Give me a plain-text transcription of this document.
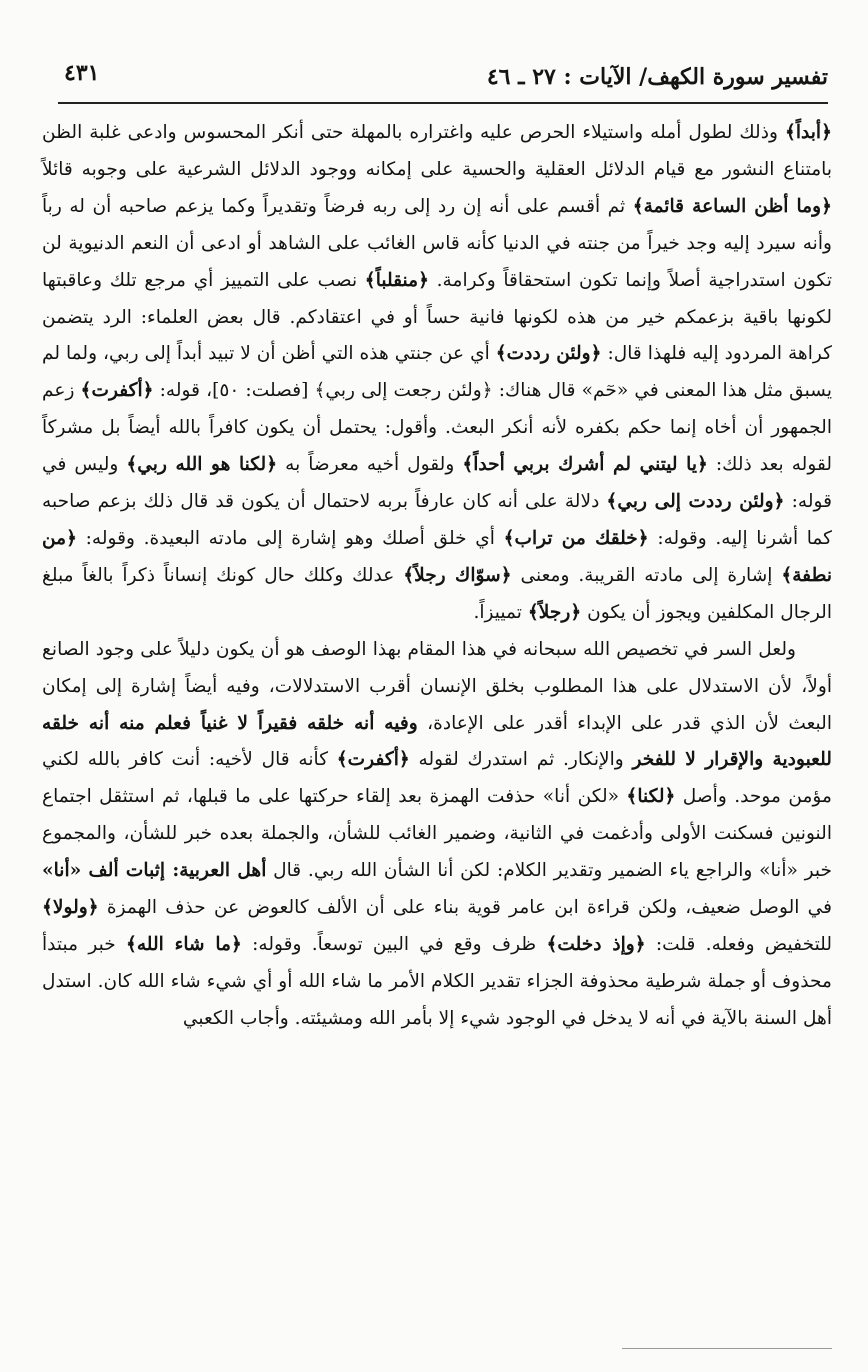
تفسير سورة الكهف/ الآيات : ٢٧ ـ ٤٦
٤٣١

﴿أبداً﴾ وذلك لطول أمله واستيلاء الحرص عليه واغتراره بالمهلة حتى أنكر المحسوس وادعى غلبة الظن بامتناع النشور مع قيام الدلائل العقلية والحسية على إمكانه ووجود الدلائل الشرعية على وجوبه قائلاً ﴿وما أظن الساعة قائمة﴾ ثم أقسم على أنه إن رد إلى ربه فرضاً وتقديراً وكما يزعم صاحبه أن له رباً وأنه سيرد إليه وجد خيراً من جنته في الدنيا كأنه قاس الغائب على الشاهد أو ادعى أن النعم الدنيوية لن تكون استدراجية أصلاً وإنما تكون استحقاقاً وكرامة. ﴿منقلباً﴾ نصب على التمييز أي مرجع تلك وعاقبتها لكونها باقية بزعمكم خير من هذه لكونها فانية حساً أو في اعتقادكم. قال بعض العلماء: الرد يتضمن كراهة المردود إليه فلهذا قال: ﴿ولئن رددت﴾ أي عن جنتي هذه التي أظن أن لا تبيد أبداً إلى ربي، ولما لم يسبق مثل هذا المعنى في «حٓم» قال هناك: ﴿ولئن رجعت إلى ربي﴾ [فصلت: ٥٠]، قوله: ﴿أكفرت﴾ زعم الجمهور أن أخاه إنما حكم بكفره لأنه أنكر البعث. وأقول: يحتمل أن يكون كافراً بالله أيضاً بل مشركاً لقوله بعد ذلك: ﴿يا ليتني لم أشرك بربي أحداً﴾ ولقول أخيه معرضاً به ﴿لكنا هو الله ربي﴾ وليس في قوله: ﴿ولئن رددت إلى ربي﴾ دلالة على أنه كان عارفاً بربه لاحتمال أن يكون قد قال ذلك بزعم صاحبه كما أشرنا إليه. وقوله: ﴿خلقك من تراب﴾ أي خلق أصلك وهو إشارة إلى مادته البعيدة. وقوله: ﴿من نطفة﴾ إشارة إلى مادته القريبة. ومعنى ﴿سوّاك رجلاً﴾ عدلك وكلك حال كونك إنساناً ذكراً بالغاً مبلغ الرجال المكلفين ويجوز أن يكون ﴿رجلاً﴾ تمييزاً.

ولعل السر في تخصيص الله سبحانه في هذا المقام بهذا الوصف هو أن يكون دليلاً على وجود الصانع أولاً، لأن الاستدلال على هذا المطلوب بخلق الإنسان أقرب الاستدلالات، وفيه أيضاً إشارة إلى إمكان البعث لأن الذي قدر على الإبداء أقدر على الإعادة، وفيه أنه خلقه فقيراً لا غنياً فعلم منه أنه خلقه للعبودية والإقرار لا للفخر والإنكار. ثم استدرك لقوله ﴿أكفرت﴾ كأنه قال لأخيه: أنت كافر بالله لكني مؤمن موحد. وأصل ﴿لكنا﴾ «لكن أنا» حذفت الهمزة بعد إلقاء حركتها على ما قبلها، ثم استثقل اجتماع النونين فسكنت الأولى وأدغمت في الثانية، وضمير الغائب للشأن، والجملة بعده خبر للشأن، والمجموع خبر «أنا» والراجع ياء الضمير وتقدير الكلام: لكن أنا الشأن الله ربي. قال أهل العربية: إثبات ألف «أنا» في الوصل ضعيف، ولكن قراءة ابن عامر قوية بناء على أن الألف كالعوض عن حذف الهمزة ﴿ولولا﴾ للتخفيض وفعله. قلت: ﴿وإذ دخلت﴾ ظرف وقع في البين توسعاً. وقوله: ﴿ما شاء الله﴾ خبر مبتدأ محذوف أو جملة شرطية محذوفة الجزاء تقدير الكلام الأمر ما شاء الله أو أي شيء شاء الله كان. استدل أهل السنة بالآية في أنه لا يدخل في الوجود شيء إلا بأمر الله ومشيئته. وأجاب الكعبي
